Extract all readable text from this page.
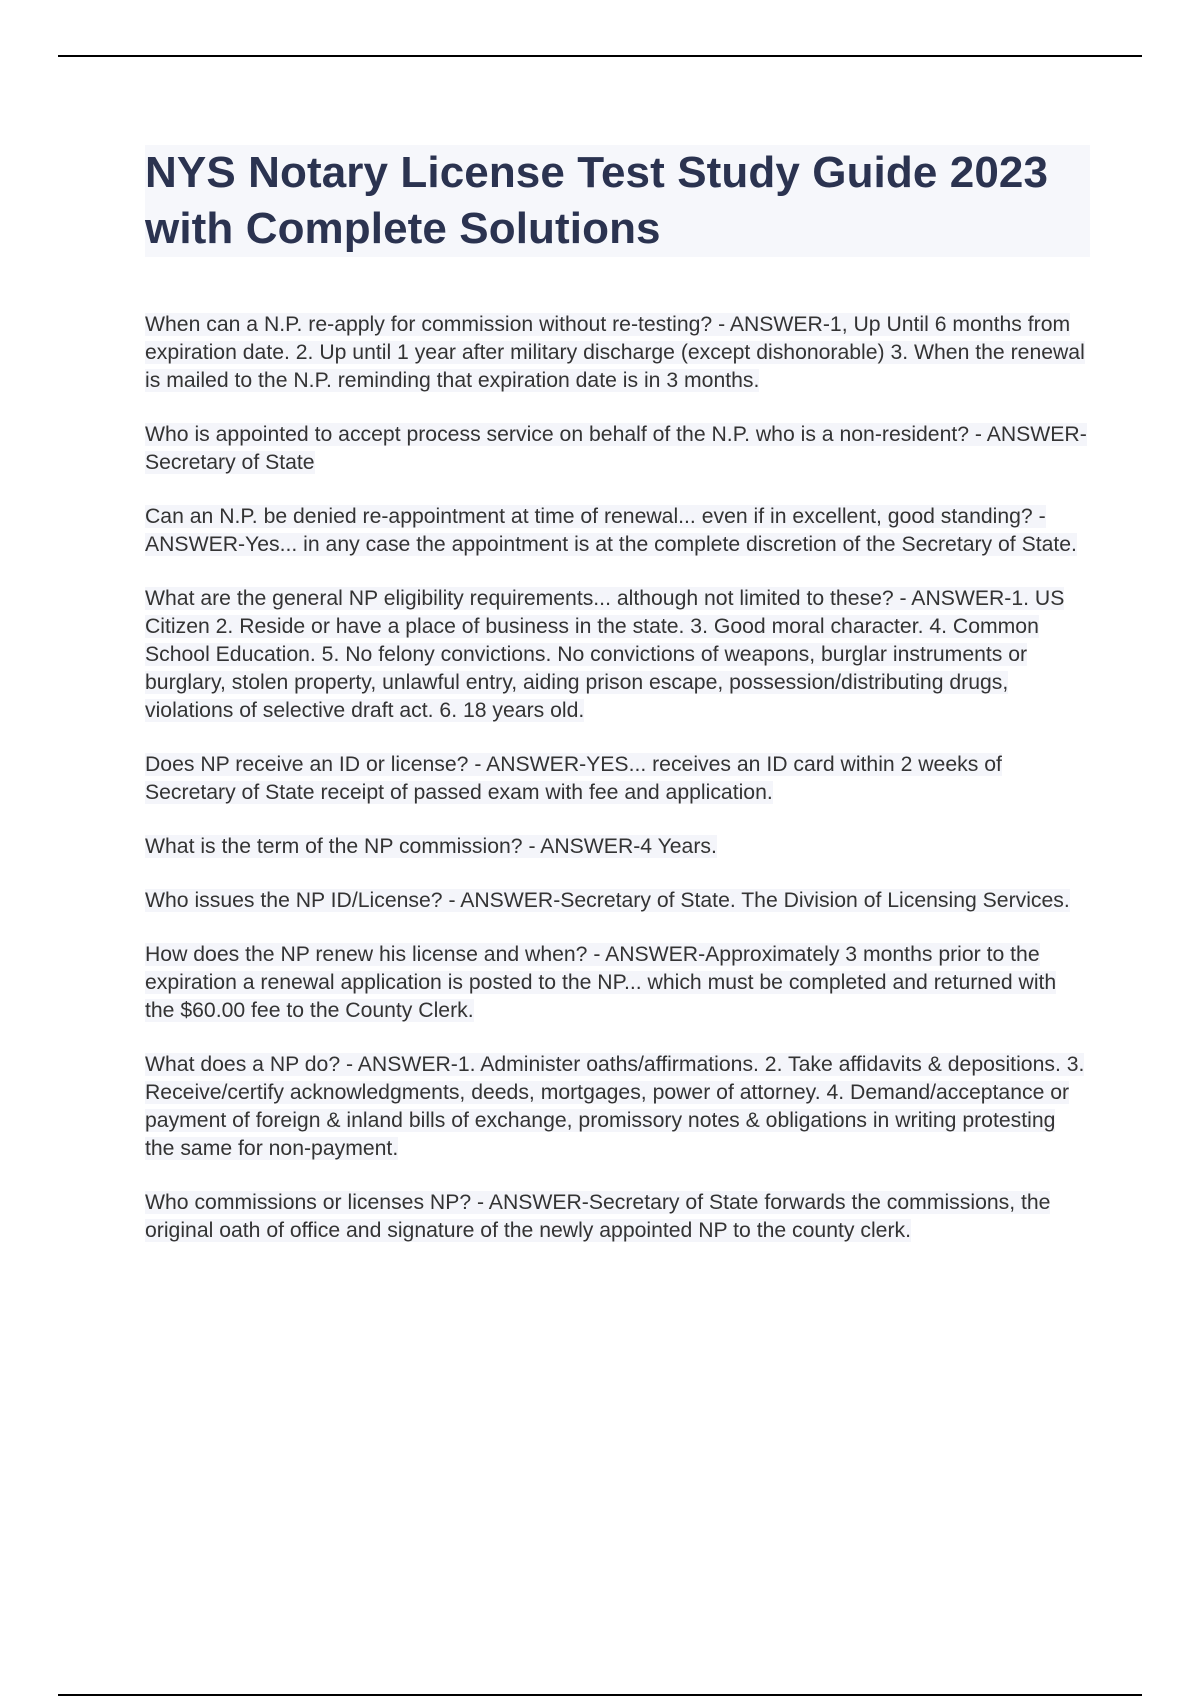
NYS Notary License Test Study Guide 2023 with Complete Solutions

When can a N.P. re-apply for commission without re-testing? - ANSWER-1, Up Until 6 months from expiration date. 2. Up until 1 year after military discharge (except dishonorable) 3. When the renewal is mailed to the N.P. reminding that expiration date is in 3 months.

Who is appointed to accept process service on behalf of the N.P. who is a non-resident? - ANSWER-Secretary of State

Can an N.P. be denied re-appointment at time of renewal... even if in excellent, good standing? - ANSWER-Yes... in any case the appointment is at the complete discretion of the Secretary of State.

What are the general NP eligibility requirements... although not limited to these? - ANSWER-1. US Citizen 2. Reside or have a place of business in the state. 3. Good moral character. 4. Common School Education. 5. No felony convictions. No convictions of weapons, burglar instruments or burglary, stolen property, unlawful entry, aiding prison escape, possession/distributing drugs, violations of selective draft act. 6. 18 years old.

Does NP receive an ID or license? - ANSWER-YES... receives an ID card within 2 weeks of Secretary of State receipt of passed exam with fee and application.

What is the term of the NP commission? - ANSWER-4 Years.

Who issues the NP ID/License? - ANSWER-Secretary of State. The Division of Licensing Services.

How does the NP renew his license and when? - ANSWER-Approximately 3 months prior to the expiration a renewal application is posted to the NP... which must be completed and returned with the $60.00 fee to the County Clerk.

What does a NP do? - ANSWER-1. Administer oaths/affirmations. 2. Take affidavits & depositions. 3. Receive/certify acknowledgments, deeds, mortgages, power of attorney. 4. Demand/acceptance or payment of foreign & inland bills of exchange, promissory notes & obligations in writing protesting the same for non-payment.

Who commissions or licenses NP? - ANSWER-Secretary of State forwards the commissions, the original oath of office and signature of the newly appointed NP to the county clerk.
